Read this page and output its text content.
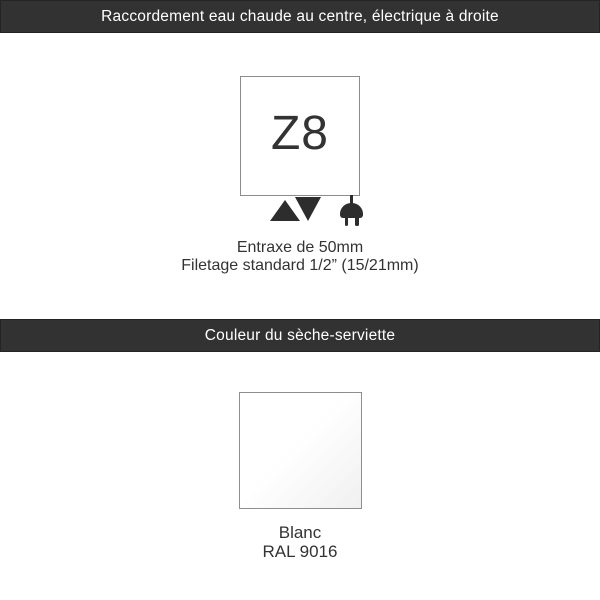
Raccordement eau chaude au centre, électrique à droite
Z8
Entraxe de 50mm
Filetage standard 1/2” (15/21mm)
Couleur du sèche-serviette
Blanc
RAL 9016
